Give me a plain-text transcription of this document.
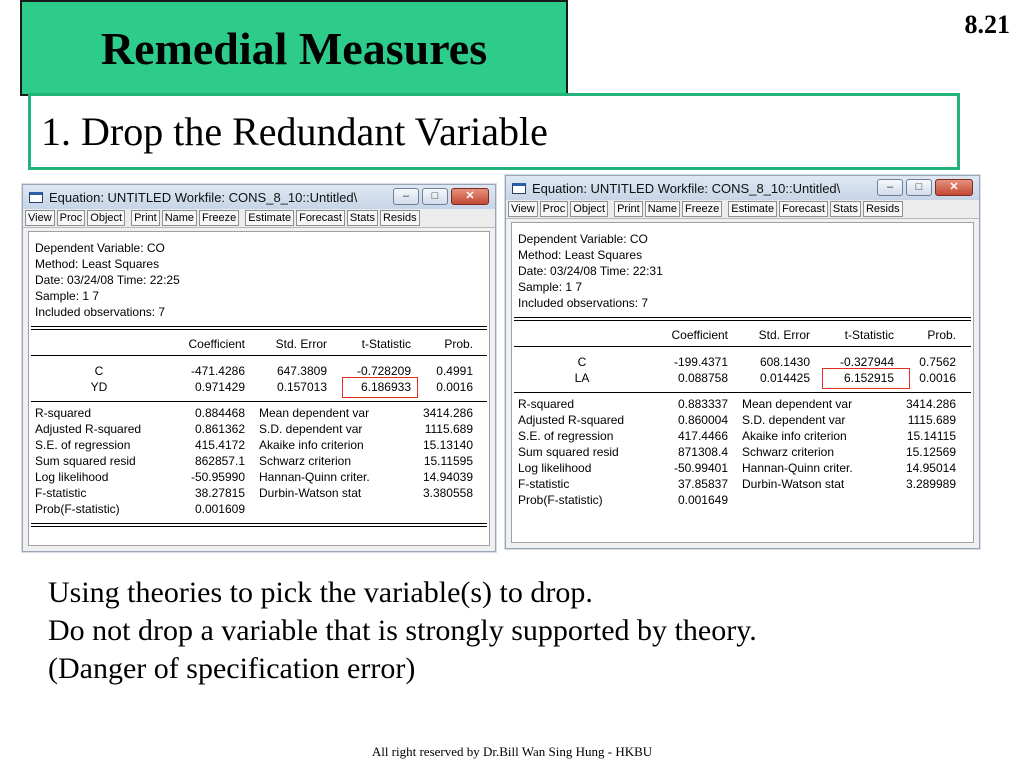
Remedial Measures	8.21
1. Drop the Redundant Variable
Equation: UNTITLED Workfile: CONS_8_10::Untitled\	–	□	✕
View Proc Object Print Name Freeze Estimate Forecast Stats Resids
Dependent Variable: CO
Method: Least Squares
Date: 03/24/08 Time: 22:25
Sample: 1 7
Included observations: 7
Coefficient	Std. Error	t-Statistic	Prob.
C	-471.4286	647.3809	-0.728209	0.4991
YD	0.971429	0.157013	6.186933	0.0016
R-squared	0.884468 Mean dependent var	3414.286
Adjusted R-squared	0.861362 S.D. dependent var	1115.689
S.E. of regression	415.4172 Akaike info criterion	15.13140
Sum squared resid	862857.1 Schwarz criterion	15.11595
Log likelihood	-50.95990 Hannan-Quinn criter.	14.94039
F-statistic	38.27815 Durbin-Watson stat	3.380558
Prob(F-statistic)	0.001609
Equation: UNTITLED Workfile: CONS_8_10::Untitled\	–	□	✕
View Proc Object Print Name Freeze Estimate Forecast Stats Resids
Dependent Variable: CO
Method: Least Squares
Date: 03/24/08 Time: 22:31
Sample: 1 7
Included observations: 7
Coefficient	Std. Error	t-Statistic	Prob.
C	-199.4371	608.1430	-0.327944	0.7562
LA	0.088758	0.014425	6.152915	0.0016
R-squared	0.883337 Mean dependent var	3414.286
Adjusted R-squared	0.860004 S.D. dependent var	1115.689
S.E. of regression	417.4466 Akaike info criterion	15.14115
Sum squared resid	871308.4 Schwarz criterion	15.12569
Log likelihood	-50.99401 Hannan-Quinn criter.	14.95014
F-statistic	37.85837 Durbin-Watson stat	3.289989
Prob(F-statistic)	0.001649
Using theories to pick the variable(s) to drop.
Do not drop a variable that is strongly supported by theory.
(Danger of specification error)
All right reserved by Dr.Bill Wan Sing Hung - HKBU
